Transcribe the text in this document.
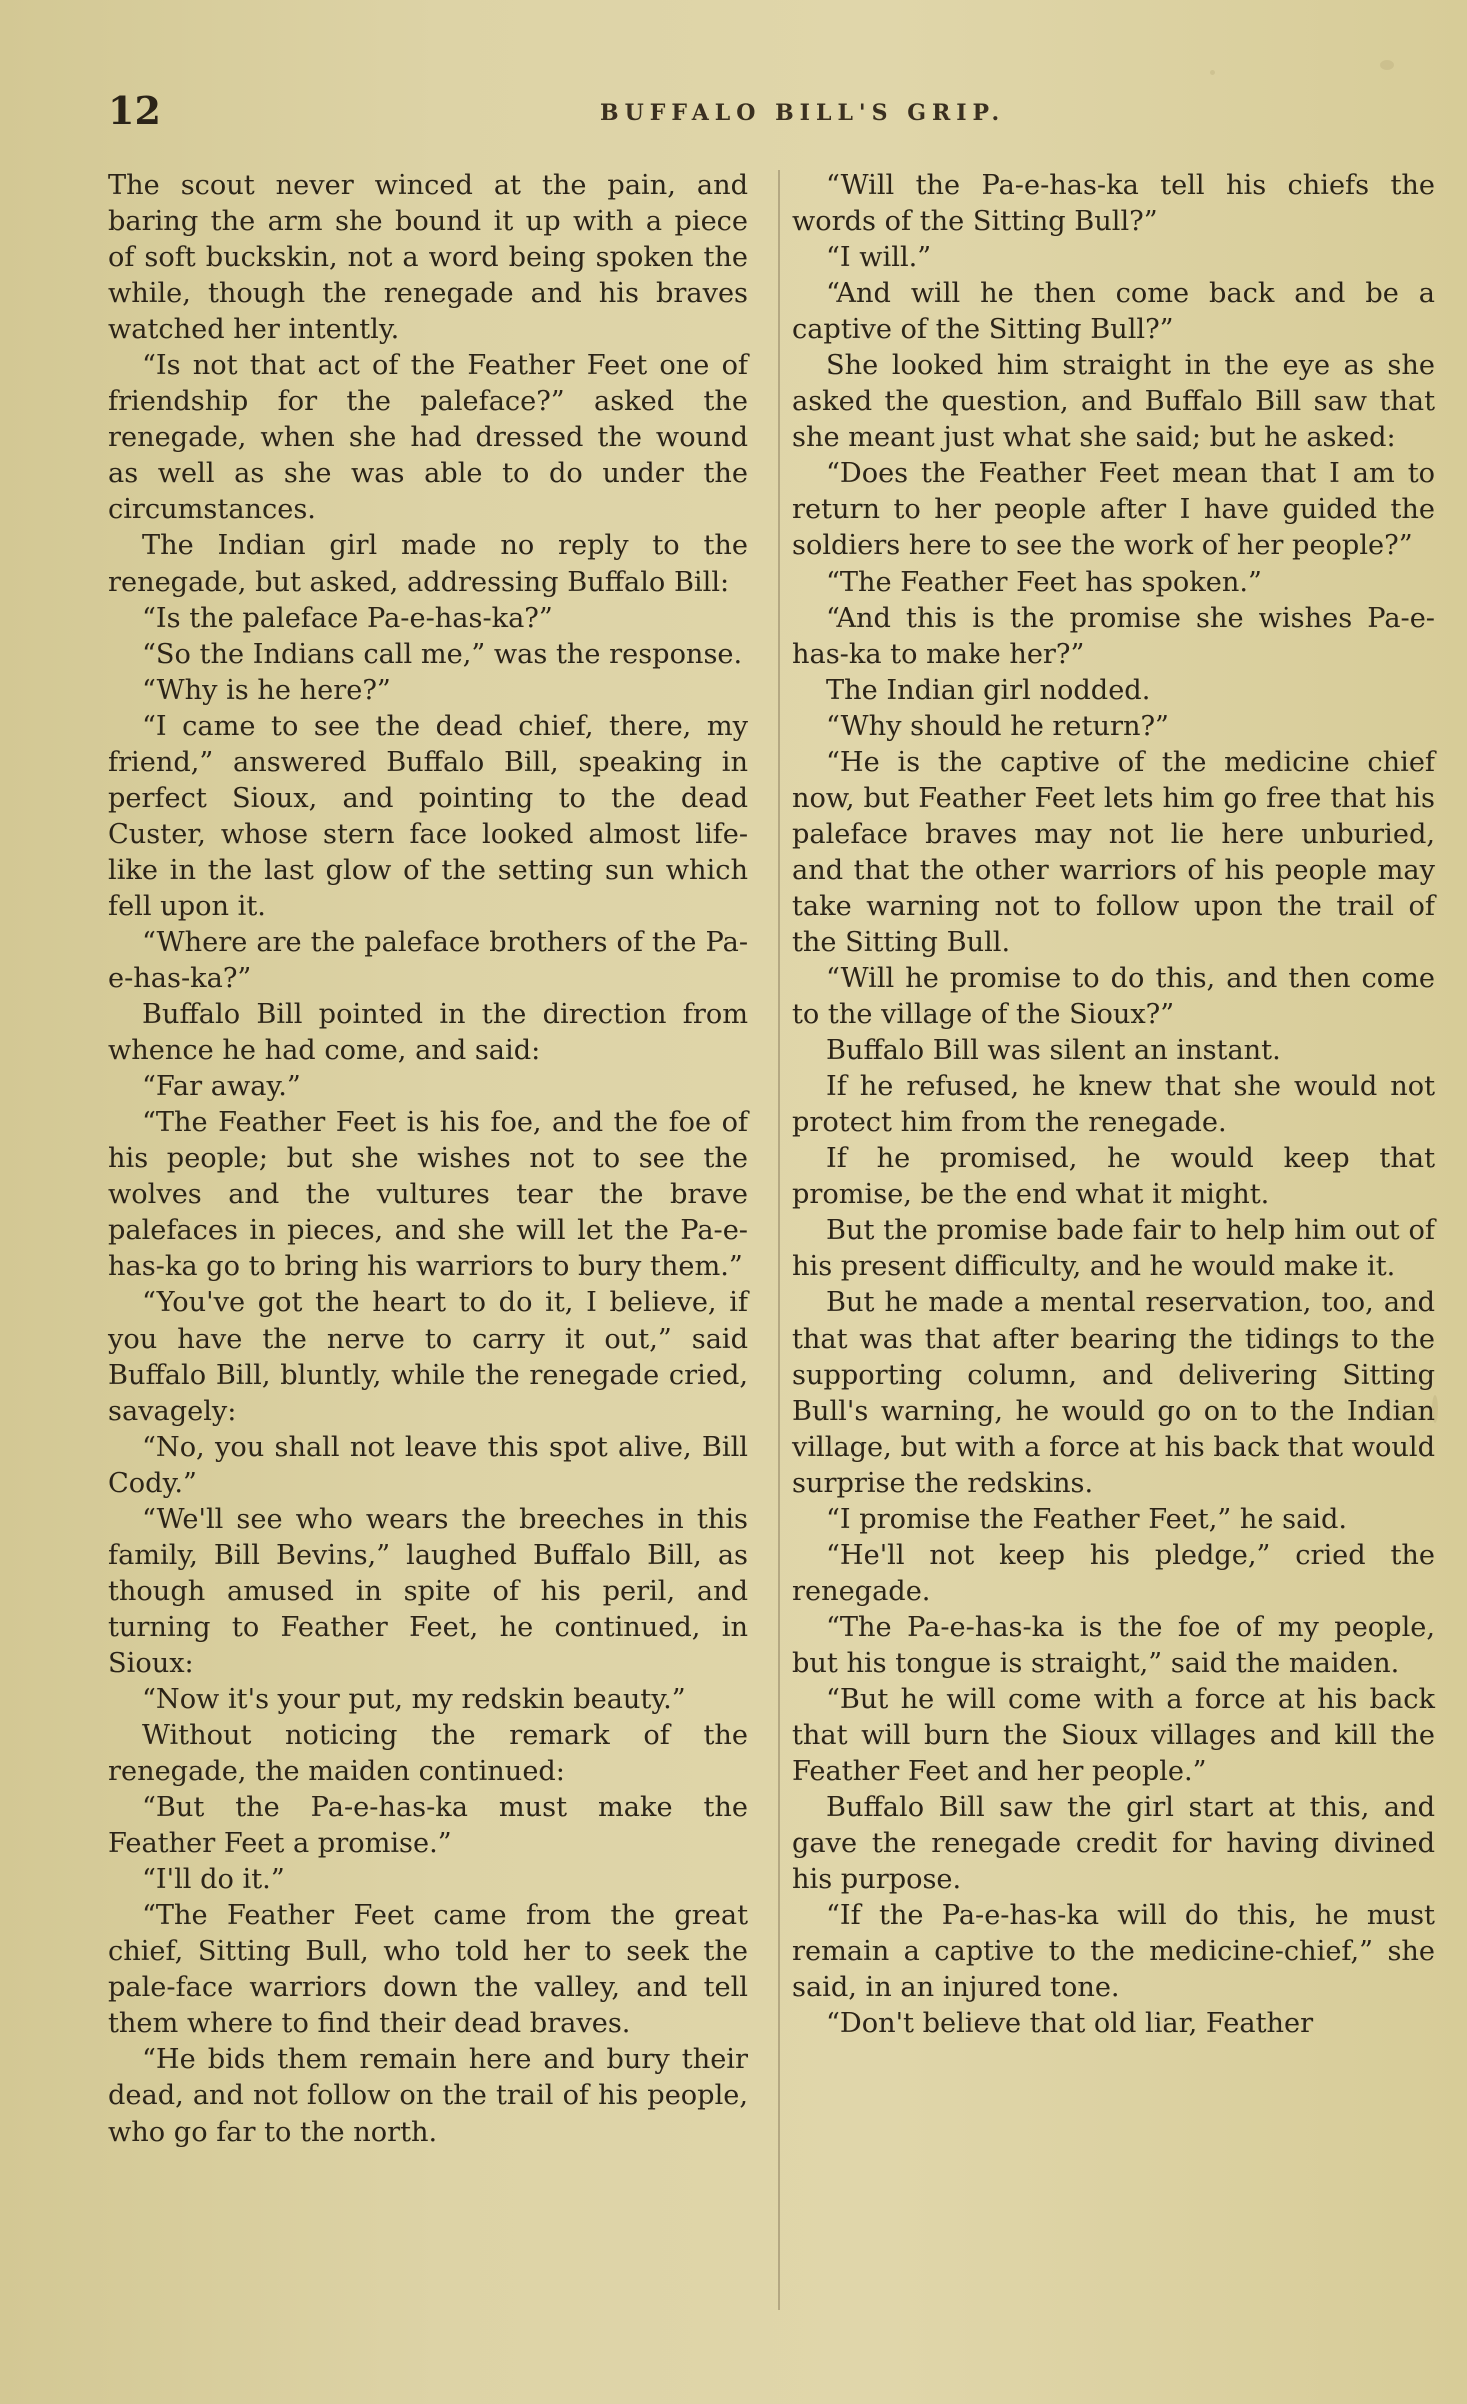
12	BUFFALO BILL'S GRIP.

The scout never winced at the pain, and baring the arm she bound it up with a piece of soft buckskin, not a word being spoken the while, though the renegade and his braves watched her intently.

“Is not that act of the Feather Feet one of friendship for the paleface?” asked the renegade, when she had dressed the wound as well as she was able to do under the circumstances.

The Indian girl made no reply to the renegade, but asked, addressing Buffalo Bill:

“Is the paleface Pa-e-has-ka?”

“So the Indians call me,” was the response.

“Why is he here?”

“I came to see the dead chief, there, my friend,” answered Buffalo Bill, speaking in perfect Sioux, and pointing to the dead Custer, whose stern face looked almost life-like in the last glow of the setting sun which fell upon it.

“Where are the paleface brothers of the Pa-e-has-ka?”

Buffalo Bill pointed in the direction from whence he had come, and said:

“Far away.”

“The Feather Feet is his foe, and the foe of his people; but she wishes not to see the wolves and the vultures tear the brave palefaces in pieces, and she will let the Pa-e-has-ka go to bring his warriors to bury them.”

“You've got the heart to do it, I believe, if you have the nerve to carry it out,” said Buffalo Bill, bluntly, while the renegade cried, savagely:

“No, you shall not leave this spot alive, Bill Cody.”

“We'll see who wears the breeches in this family, Bill Bevins,” laughed Buffalo Bill, as though amused in spite of his peril, and turning to Feather Feet, he continued, in Sioux:

“Now it's your put, my redskin beauty.”

Without noticing the remark of the renegade, the maiden continued:

“But the Pa-e-has-ka must make the Feather Feet a promise.”

“I'll do it.”

“The Feather Feet came from the great chief, Sitting Bull, who told her to seek the pale-face warriors down the valley, and tell them where to find their dead braves.

“He bids them remain here and bury their dead, and not follow on the trail of his people, who go far to the north.

“Will the Pa-e-has-ka tell his chiefs the words of the Sitting Bull?”

“I will.”

“And will he then come back and be a captive of the Sitting Bull?”

She looked him straight in the eye as she asked the question, and Buffalo Bill saw that she meant just what she said; but he asked:

“Does the Feather Feet mean that I am to return to her people after I have guided the soldiers here to see the work of her people?”

“The Feather Feet has spoken.”

“And this is the promise she wishes Pa-e-has-ka to make her?”

The Indian girl nodded.

“Why should he return?”

“He is the captive of the medicine chief now, but Feather Feet lets him go free that his paleface braves may not lie here unburied, and that the other warriors of his people may take warning not to follow upon the trail of the Sitting Bull.

“Will he promise to do this, and then come to the village of the Sioux?”

Buffalo Bill was silent an instant.

If he refused, he knew that she would not protect him from the renegade.

If he promised, he would keep that promise, be the end what it might.

But the promise bade fair to help him out of his present difficulty, and he would make it.

But he made a mental reservation, too, and that was that after bearing the tidings to the supporting column, and delivering Sitting Bull's warning, he would go on to the Indian village, but with a force at his back that would surprise the redskins.

“I promise the Feather Feet,” he said.

“He'll not keep his pledge,” cried the renegade.

“The Pa-e-has-ka is the foe of my people, but his tongue is straight,” said the maiden.

“But he will come with a force at his back that will burn the Sioux villages and kill the Feather Feet and her people.”

Buffalo Bill saw the girl start at this, and gave the renegade credit for having divined his purpose.

“If the Pa-e-has-ka will do this, he must remain a captive to the medicine-chief,” she said, in an injured tone.

“Don't believe that old liar, Feather
